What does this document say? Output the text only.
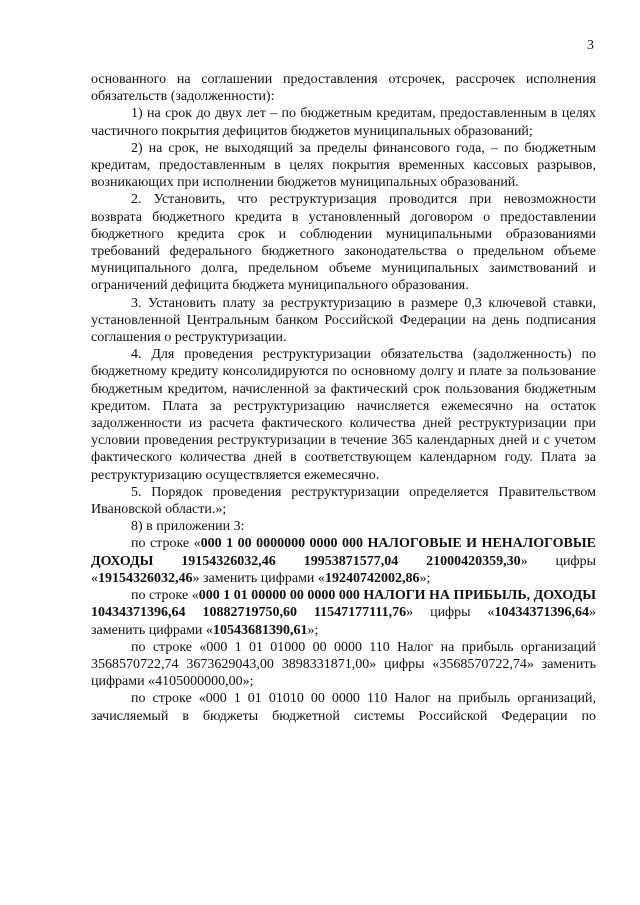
3

основанного на соглашении предоставления отсрочек, рассрочек исполнения обязательств (задолженности):

1) на срок до двух лет – по бюджетным кредитам, предоставленным в целях частичного покрытия дефицитов бюджетов муниципальных образований;

2) на срок, не выходящий за пределы финансового года, – по бюджетным кредитам, предоставленным в целях покрытия временных кассовых разрывов, возникающих при исполнении бюджетов муниципальных образований.

2. Установить, что реструктуризация проводится при невозможности возврата бюджетного кредита в установленный договором о предоставлении бюджетного кредита срок и соблюдении муниципальными образованиями требований федерального бюджетного законодательства о предельном объеме муниципального долга, предельном объеме муниципальных заимствований и ограничений дефицита бюджета муниципального образования.

3. Установить плату за реструктуризацию в размере 0,3 ключевой ставки, установленной Центральным банком Российской Федерации на день подписания соглашения о реструктуризации.

4. Для проведения реструктуризации обязательства (задолженность) по бюджетному кредиту консолидируются по основному долгу и плате за пользование бюджетным кредитом, начисленной за фактический срок пользования бюджетным кредитом. Плата за реструктуризацию начисляется ежемесячно на остаток задолженности из расчета фактического количества дней реструктуризации при условии проведения реструктуризации в течение 365 календарных дней и с учетом фактического количества дней в соответствующем календарном году. Плата за реструктуризацию осуществляется ежемесячно.

5. Порядок проведения реструктуризации определяется Правительством Ивановской области.»;

8) в приложении 3:

по строке «000 1 00 0000000 0000 000 НАЛОГОВЫЕ И НЕНАЛОГОВЫЕ ДОХОДЫ 19154326032,46 19953871577,04 21000420359,30» цифры «19154326032,46» заменить цифрами «19240742002,86»;

по строке «000 1 01 00000 00 0000 000 НАЛОГИ НА ПРИБЫЛЬ, ДОХОДЫ 10434371396,64 10882719750,60 11547177111,76» цифры «10434371396,64» заменить цифрами «10543681390,61»;

по строке «000 1 01 01000 00 0000 110 Налог на прибыль организаций 3568570722,74 3673629043,00 3898331871,00» цифры «3568570722,74» заменить цифрами «4105000000,00»;

по строке «000 1 01 01010 00 0000 110 Налог на прибыль организаций, зачисляемый в бюджеты бюджетной системы Российской Федерации по
